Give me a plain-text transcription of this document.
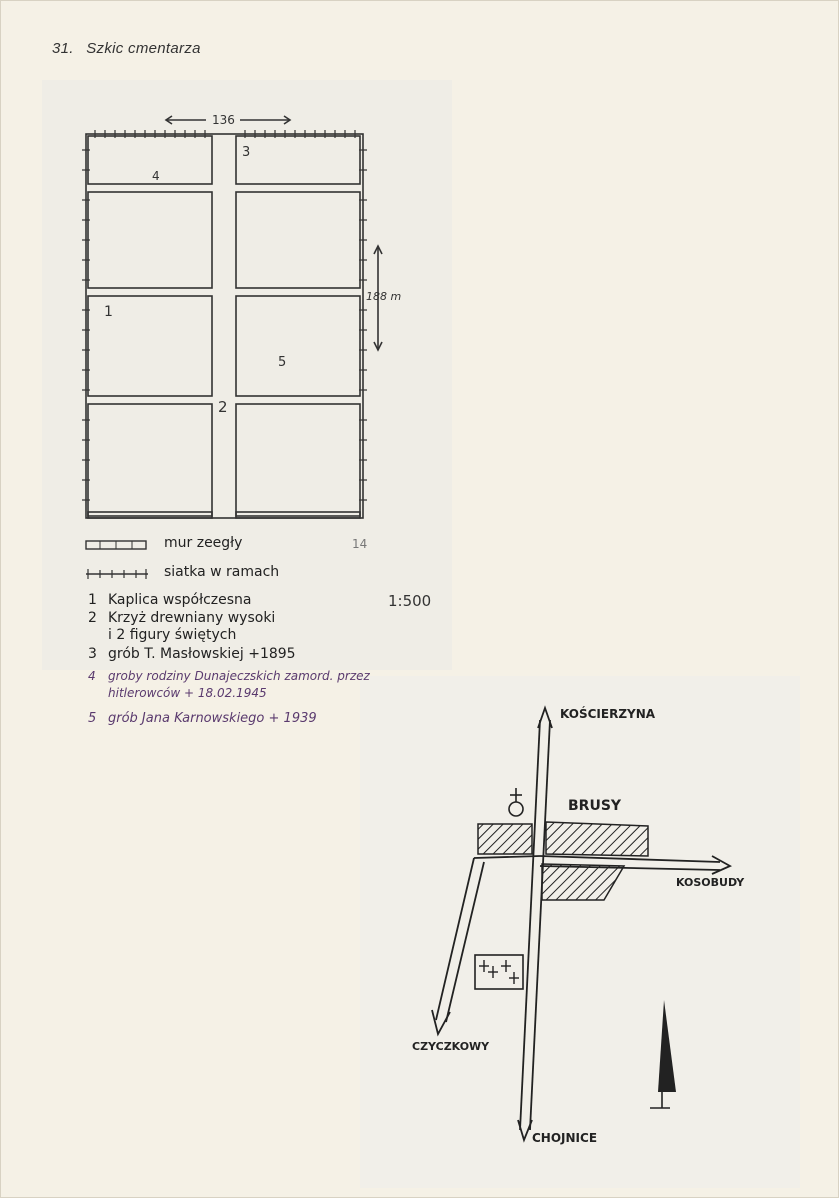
31. Szkic cmentarza
136
188 m
1
2
3
4
5
14
1:500
mur zeegły
siatka w ramach
1 Kaplica współczesna
2 Krzyż drewniany wysoki
i 2 figury świętych
3 grób T. Masłowskiej +1895
4 groby rodziny Dunajeczskich zamord. przez
hitlerowców + 18.02.1945
5 grób Jana Karnowskiego + 1939
BRUSY
KOŚCIERZYNA
KOSOBUDY
CZYCZKOWY
CHOJNICE
